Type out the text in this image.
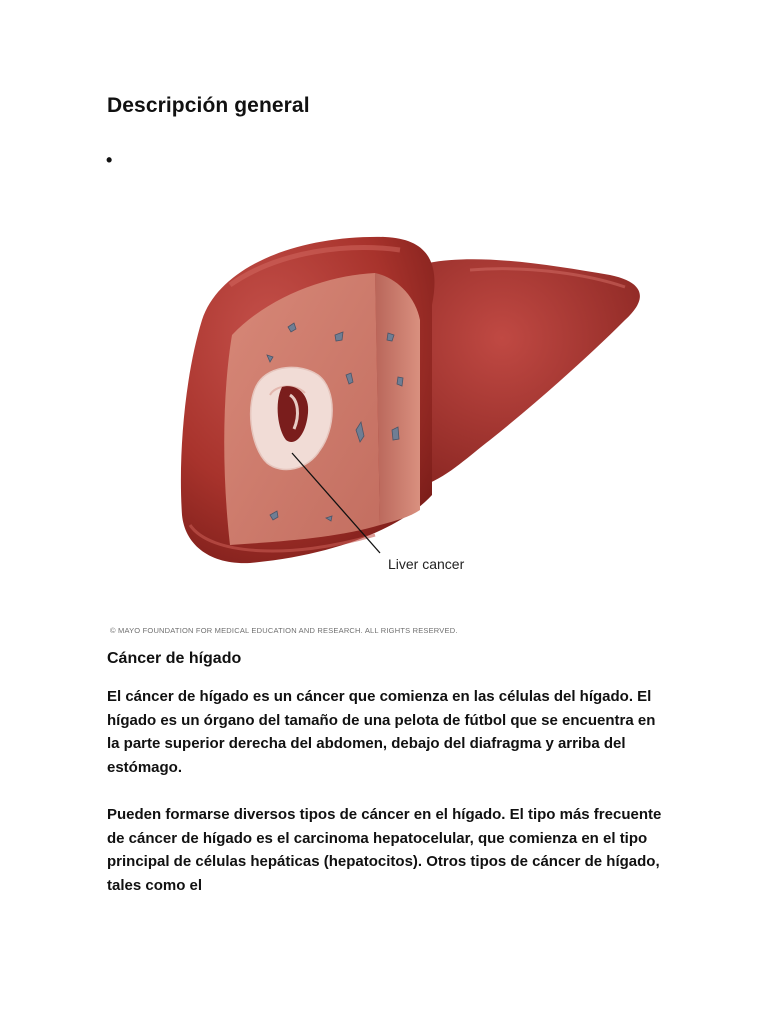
Descripción general
•
Liver cancer
© MAYO FOUNDATION FOR MEDICAL EDUCATION AND RESEARCH. ALL RIGHTS RESERVED.
Cáncer de hígado

El cáncer de hígado es un cáncer que comienza en las células del hígado. El hígado es un órgano del tamaño de una pelota de fútbol que se encuentra en la parte superior derecha del abdomen, debajo del diafragma y arriba del estómago.

Pueden formarse diversos tipos de cáncer en el hígado. El tipo más frecuente de cáncer de hígado es el carcinoma hepatocelular, que comienza en el tipo principal de células hepáticas (hepatocitos). Otros tipos de cáncer de hígado, tales como el
